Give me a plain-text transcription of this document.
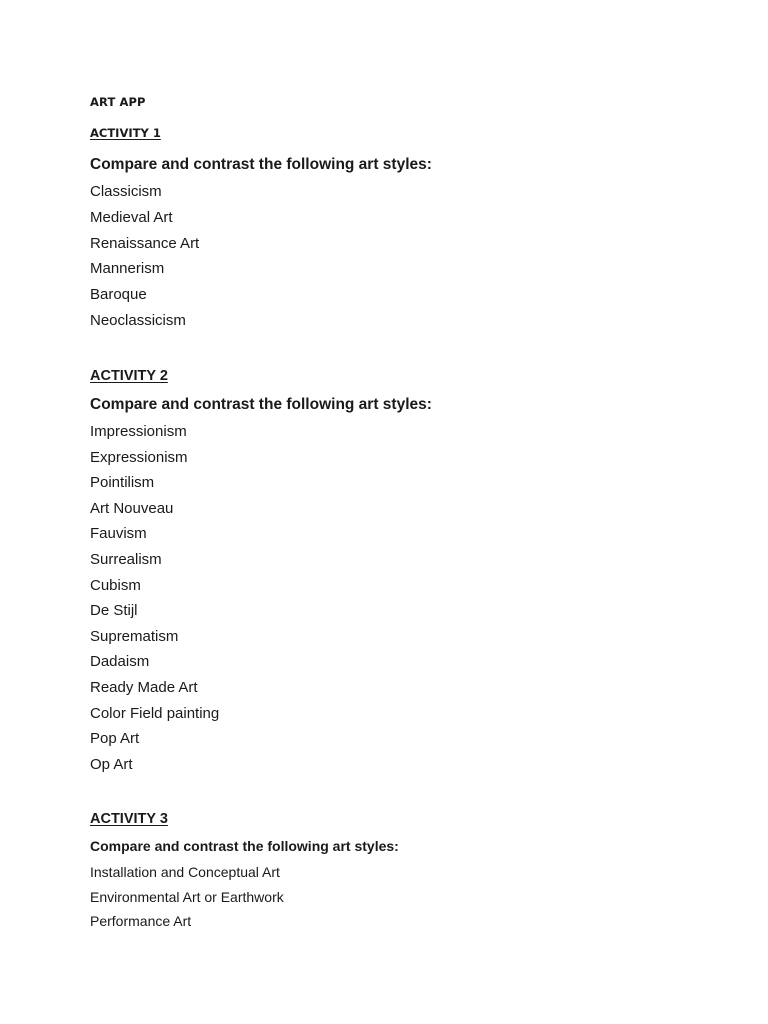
ART APP

ACTIVITY 1

Compare and contrast the following art styles:

Classicism
Medieval Art
Renaissance Art
Mannerism
Baroque
Neoclassicism

ACTIVITY 2

Compare and contrast the following art styles:

Impressionism
Expressionism
Pointilism
Art Nouveau
Fauvism
Surrealism
Cubism
De Stijl
Suprematism
Dadaism
Ready Made Art
Color Field painting
Pop Art
Op Art

ACTIVITY 3

Compare and contrast the following art styles:

Installation and Conceptual Art
Environmental Art or Earthwork
Performance Art
